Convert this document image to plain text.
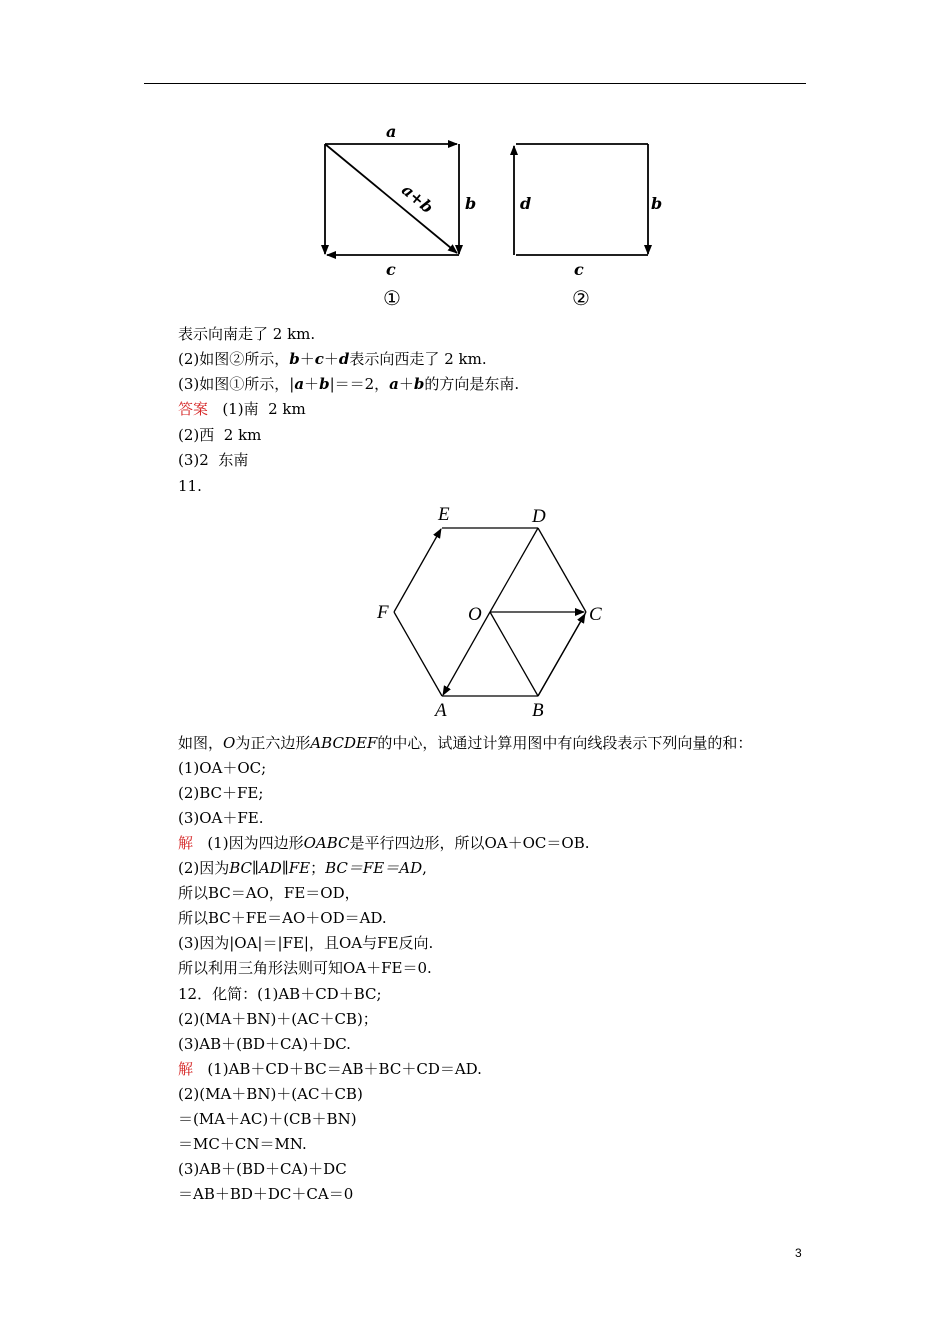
a
b
c
a+b
①
d	b
c
②
表示向南走了 2 km.
(2)如图②所示，b＋c＋d表示向西走了 2 km.
(3)如图①所示，|a＋b|＝＝2，a＋b的方向是东南.
答案   (1)南  2 km
(2)西  2 km
(3)2  东南
11.
E	D
F	O	C
A	B
如图，O为正六边形ABCDEF的中心，试通过计算用图中有向线段表示下列向量的和：
(1)OA＋OC;
(2)BC＋FE;
(3)OA＋FE.
解   (1)因为四边形OABC是平行四边形，所以OA＋OC＝OB.
(2)因为BC∥AD∥FE；BC＝FE＝AD,
所以BC＝AO，FE＝OD，
所以BC＋FE＝AO＋OD＝AD.
(3)因为|OA|＝|FE|，且OA与FE反向.
所以利用三角形法则可知OA＋FE＝0.
12．化简：(1)AB＋CD＋BC;
(2)(MA＋BN)＋(AC＋CB)；
(3)AB＋(BD＋CA)＋DC.
解   (1)AB＋CD＋BC＝AB＋BC＋CD＝AD.
(2)(MA＋BN)＋(AC＋CB)
＝(MA＋AC)＋(CB＋BN)
＝MC＋CN＝MN.
(3)AB＋(BD＋CA)＋DC
＝AB＋BD＋DC＋CA＝0
3
